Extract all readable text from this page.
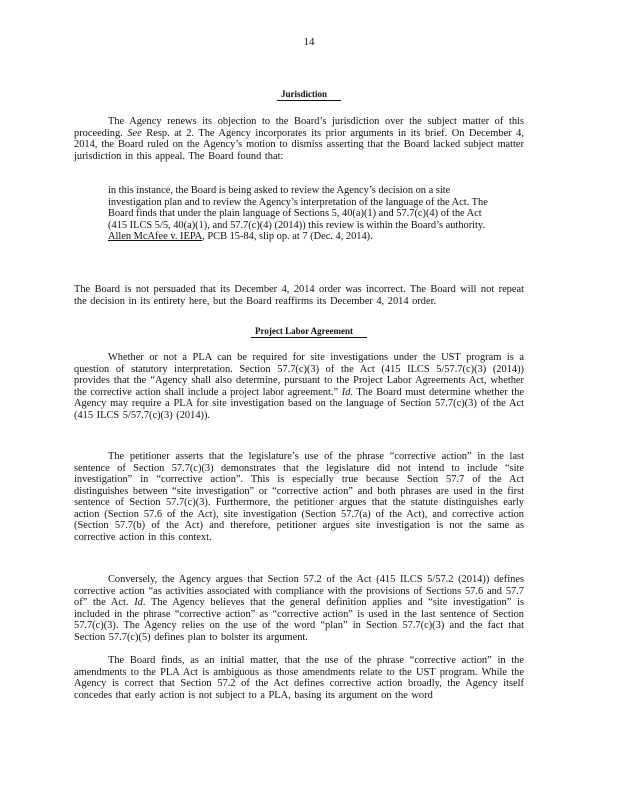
14
Jurisdiction

The Agency renews its objection to the Board’s jurisdiction over the subject matter of this proceeding. See Resp. at 2. The Agency incorporates its prior arguments in its brief. On December 4, 2014, the Board ruled on the Agency’s motion to dismiss asserting that the Board lacked subject matter jurisdiction in this appeal. The Board found that:

in this instance, the Board is being asked to review the Agency’s decision on a site investigation plan and to review the Agency’s interpretation of the language of the Act. The Board finds that under the plain language of Sections 5, 40(a)(1) and 57.7(c)(4) of the Act (415 ILCS 5/5, 40(a)(1), and 57.7(c)(4) (2014)) this review is within the Board’s authority. Allen McAfee v. IEPA, PCB 15-84, slip op. at 7 (Dec. 4, 2014).

The Board is not persuaded that its December 4, 2014 order was incorrect. The Board will not repeat the decision in its entirety here, but the Board reaffirms its December 4, 2014 order.

Project Labor Agreement

Whether or not a PLA can be required for site investigations under the UST program is a question of statutory interpretation. Section 57.7(c)(3) of the Act (415 ILCS 5/57.7(c)(3) (2014)) provides that the “Agency shall also determine, pursuant to the Project Labor Agreements Act, whether the corrective action shall include a project labor agreement.” Id. The Board must determine whether the Agency may require a PLA for site investigation based on the language of Section 57.7(c)(3) of the Act (415 ILCS 5/57.7(c)(3) (2014)).

The petitioner asserts that the legislature’s use of the phrase “corrective action” in the last sentence of Section 57.7(c)(3) demonstrates that the legislature did not intend to include “site investigation” in “corrective action”. This is especially true because Section 57.7 of the Act distinguishes between “site investigation” or “corrective action” and both phrases are used in the first sentence of Section 57.7(c)(3). Furthermore, the petitioner argues that the statute distinguishes early action (Section 57.6 of the Act), site investigation (Section 57.7(a) of the Act), and corrective action (Section 57.7(b) of the Act) and therefore, petitioner argues site investigation is not the same as corrective action in this context.

Conversely, the Agency argues that Section 57.2 of the Act (415 ILCS 5/57.2 (2014)) defines corrective action “as activities associated with compliance with the provisions of Sections 57.6 and 57.7 of” the Act. Id. The Agency believes that the general definition applies and “site investigation” is included in the phrase “corrective action” as “corrective action” is used in the last sentence of Section 57.7(c)(3). The Agency relies on the use of the word “plan” in Section 57.7(c)(3) and the fact that Section 57.7(c)(5) defines plan to bolster its argument.

The Board finds, as an initial matter, that the use of the phrase “corrective action” in the amendments to the PLA Act is ambiguous as those amendments relate to the UST program. While the Agency is correct that Section 57.2 of the Act defines corrective action broadly, the Agency itself concedes that early action is not subject to a PLA, basing its argument on the word
